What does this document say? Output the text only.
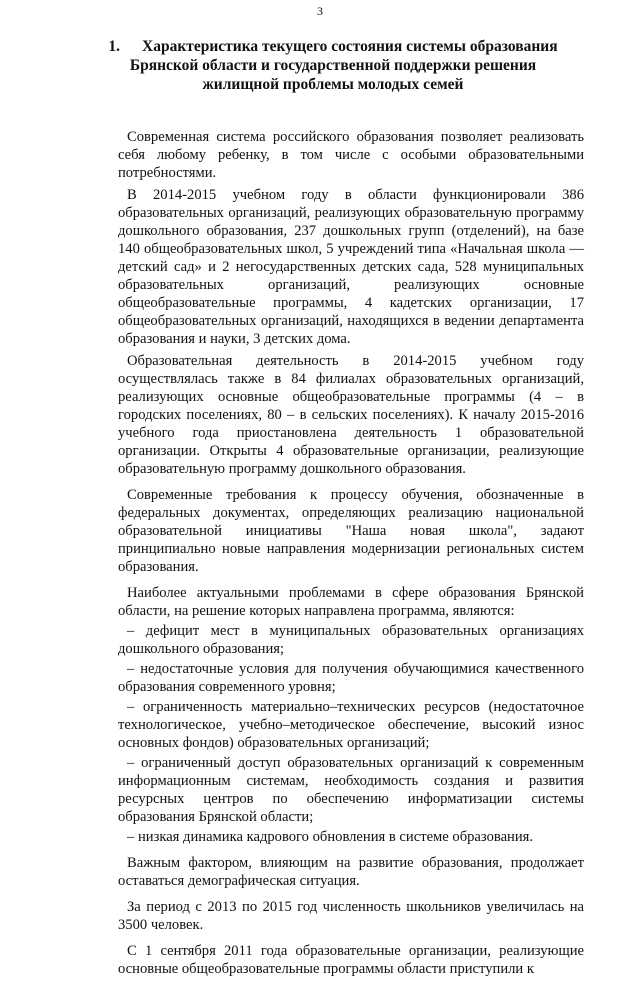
3
1. Характеристика текущего состояния системы образования Брянской области и государственной поддержки решения жилищной проблемы молодых семей

Современная система российского образования позволяет реализовать себя любому ребенку, в том числе с особыми образовательными потребностями.

В 2014-2015 учебном году в области функционировали 386 образовательных организаций, реализующих образовательную программу дошкольного образования, 237 дошкольных групп (отделений), на базе 140 общеобразовательных школ, 5 учреждений типа «Начальная школа — детский сад» и 2 негосударственных детских сада, 528 муниципальных образовательных организаций, реализующих основные общеобразовательные программы, 4 кадетских организации, 17 общеобразовательных организаций, находящихся в ведении департамента образования и науки, 3 детских дома.

Образовательная деятельность в 2014-2015 учебном году осуществлялась также в 84 филиалах образовательных организаций, реализующих основные общеобразовательные программы (4 – в городских поселениях, 80 – в сельских поселениях). К началу 2015-2016 учебного года приостановлена деятельность 1 образовательной организации. Открыты 4 образовательные организации, реализующие образовательную программу дошкольного образования.

Современные требования к процессу обучения, обозначенные в федеральных документах, определяющих реализацию национальной образовательной инициативы "Наша новая школа", задают принципиально новые направления модернизации региональных систем образования.

Наиболее актуальными проблемами в сфере образования Брянской области, на решение которых направлена программа, являются:

– дефицит мест в муниципальных образовательных организациях дошкольного образования;

– недостаточные условия для получения обучающимися качественного образования современного уровня;

– ограниченность материально–технических ресурсов (недостаточное технологическое, учебно–методическое обеспечение, высокий износ основных фондов) образовательных организаций;

– ограниченный доступ образовательных организаций к современным информационным системам, необходимость создания и развития ресурсных центров по обеспечению информатизации системы образования Брянской области;

– низкая динамика кадрового обновления в системе образования.

Важным фактором, влияющим на развитие образования, продолжает оставаться демографическая ситуация.

За период с 2013 по 2015 год численность школьников увеличилась на 3500 человек.

С 1 сентября 2011 года образовательные организации, реализующие основные общеобразовательные программы области приступили к
